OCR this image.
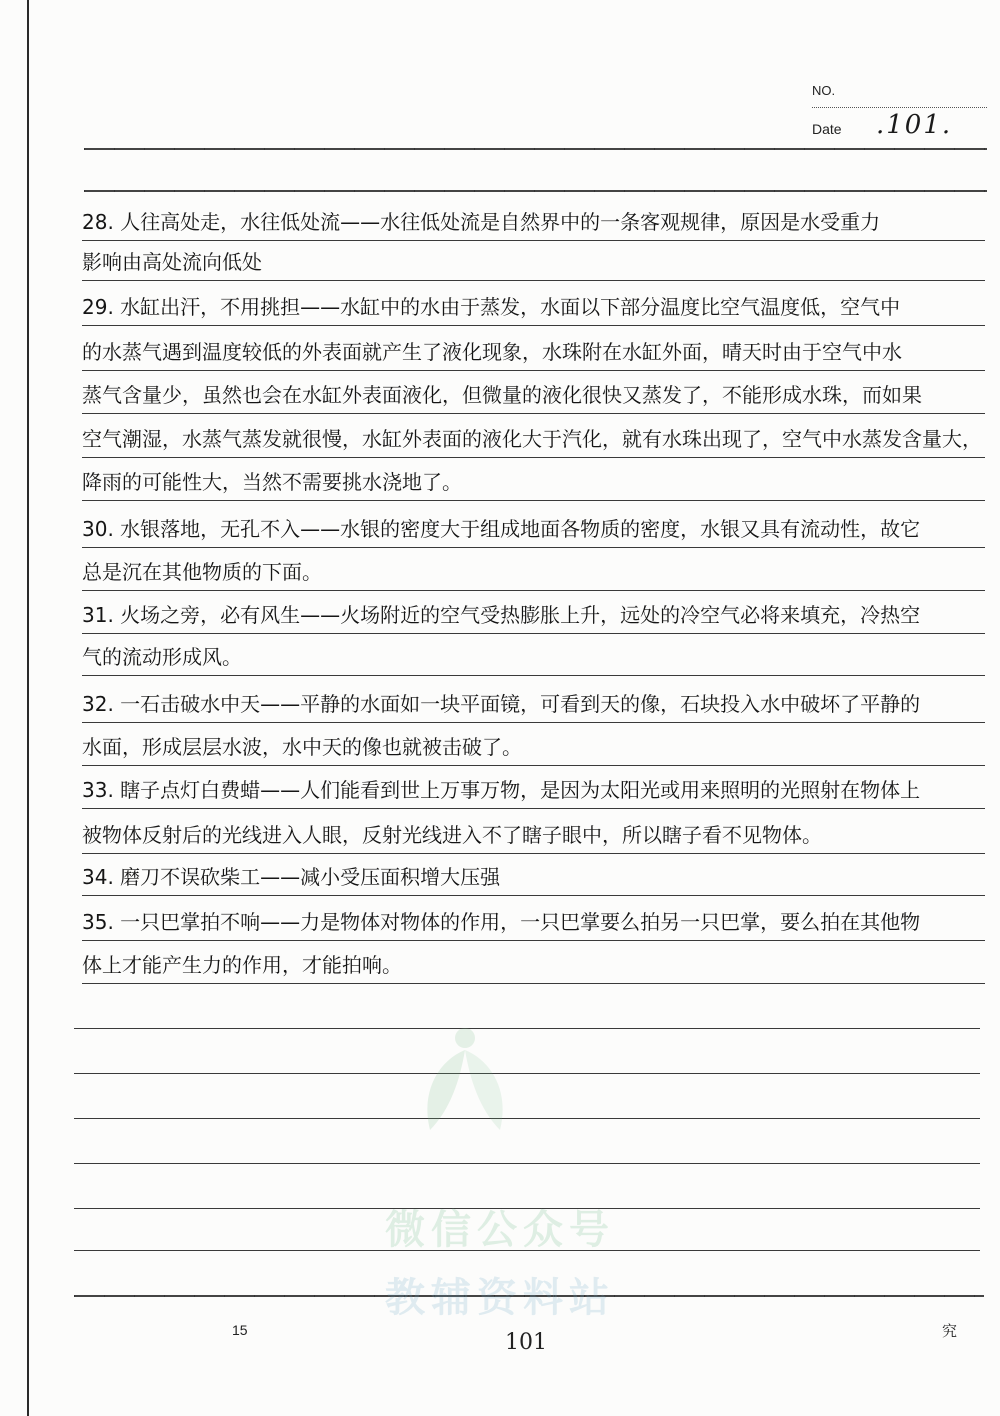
NO.
Date .101.
微信公众号
教辅资料站
28. 人往高处走，水往低处流——水往低处流是自然界中的一条客观规律，原因是水受重力
影响由高处流向低处
29. 水缸出汗，不用挑担——水缸中的水由于蒸发，水面以下部分温度比空气温度低，空气中
的水蒸气遇到温度较低的外表面就产生了液化现象，水珠附在水缸外面，晴天时由于空气中水
蒸气含量少，虽然也会在水缸外表面液化，但微量的液化很快又蒸发了，不能形成水珠，而如果
空气潮湿，水蒸气蒸发就很慢，水缸外表面的液化大于汽化，就有水珠出现了，空气中水蒸发含量大，
降雨的可能性大，当然不需要挑水浇地了。
30. 水银落地，无孔不入——水银的密度大于组成地面各物质的密度，水银又具有流动性，故它
总是沉在其他物质的下面。
31. 火场之旁，必有风生——火场附近的空气受热膨胀上升，远处的冷空气必将来填充，冷热空
气的流动形成风。
32. 一石击破水中天——平静的水面如一块平面镜，可看到天的像，石块投入水中破坏了平静的
水面，形成层层水波，水中天的像也就被击破了。
33. 瞎子点灯白费蜡——人们能看到世上万事万物，是因为太阳光或用来照明的光照射在物体上
被物体反射后的光线进入人眼，反射光线进入不了瞎子眼中，所以瞎子看不见物体。
34. 磨刀不误砍柴工——减小受压面积增大压强
35. 一只巴掌拍不响——力是物体对物体的作用，一只巴掌要么拍另一只巴掌，要么拍在其他物
体上才能产生力的作用，才能拍响。
15	101	究
